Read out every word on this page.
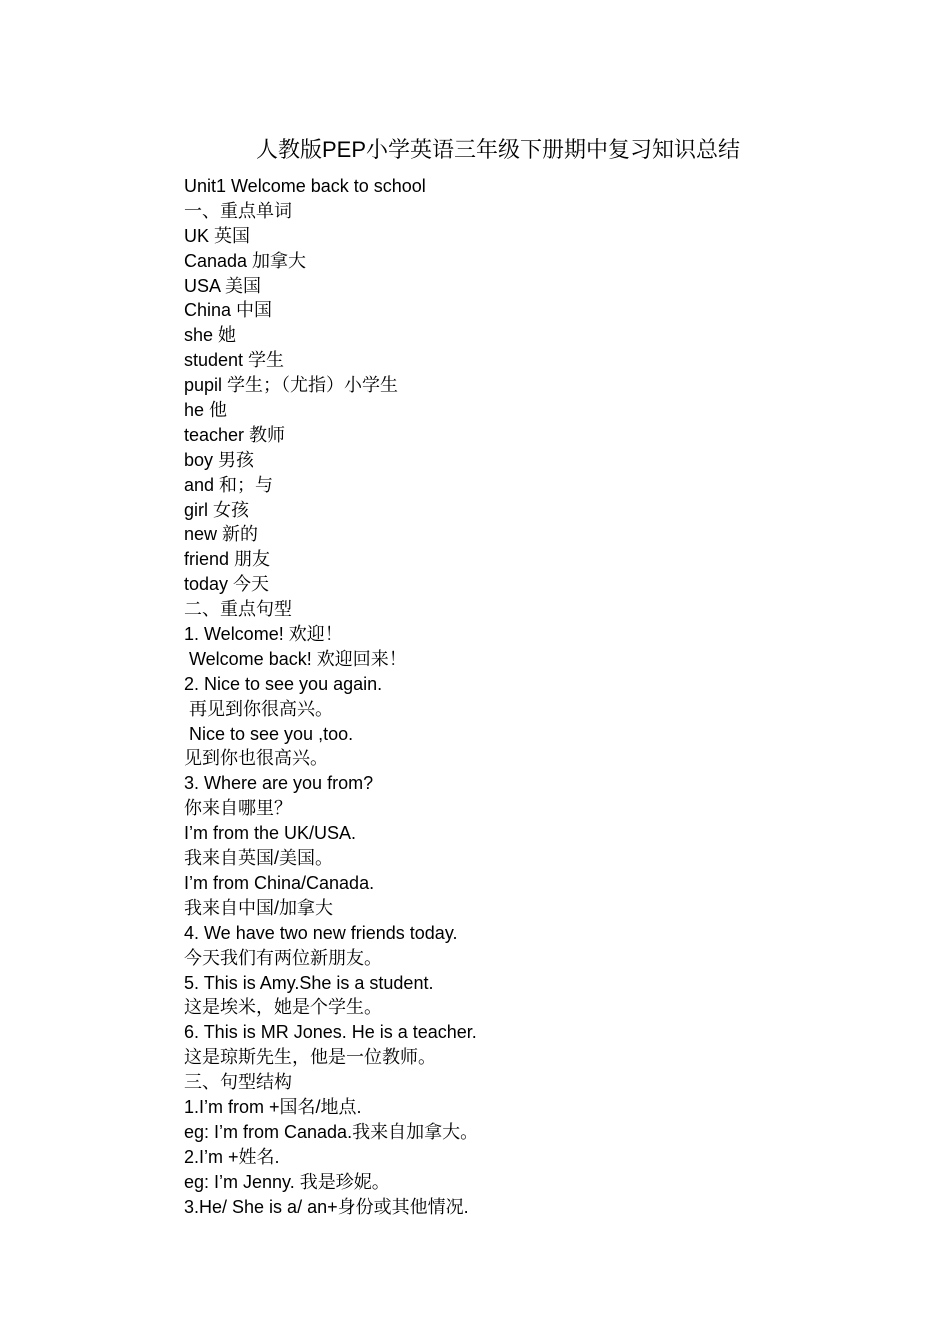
人教版PEP小学英语三年级下册期中复习知识总结

Unit1 Welcome back to school

一、重点单词

UK 英国

Canada 加拿大

USA 美国

China 中国

she 她

student 学生

pupil 学生；（尤指）小学生

he 他

teacher 教师

boy 男孩

and 和；与

girl 女孩

new 新的

friend 朋友

today 今天

二、重点句型

1. Welcome! 欢迎！

Welcome back! 欢迎回来！

2. Nice to see you again.

再见到你很高兴。

Nice to see you ,too.

见到你也很高兴。

3. Where are you from?

你来自哪里？

I’m from the UK/USA.

我来自英国/美国。

I’m from China/Canada.

我来自中国/加拿大

4. We have two new friends today.

今天我们有两位新朋友。

5. This is Amy.She is a student.

这是埃米，她是个学生。

6. This is MR Jones. He is a teacher.

这是琼斯先生，他是一位教师。

三、句型结构

1.I’m from +国名/地点.

eg: I’m from Canada.我来自加拿大。

2.I’m +姓名.

eg: I’m Jenny. 我是珍妮。

3.He/ She is a/ an+身份或其他情况.
